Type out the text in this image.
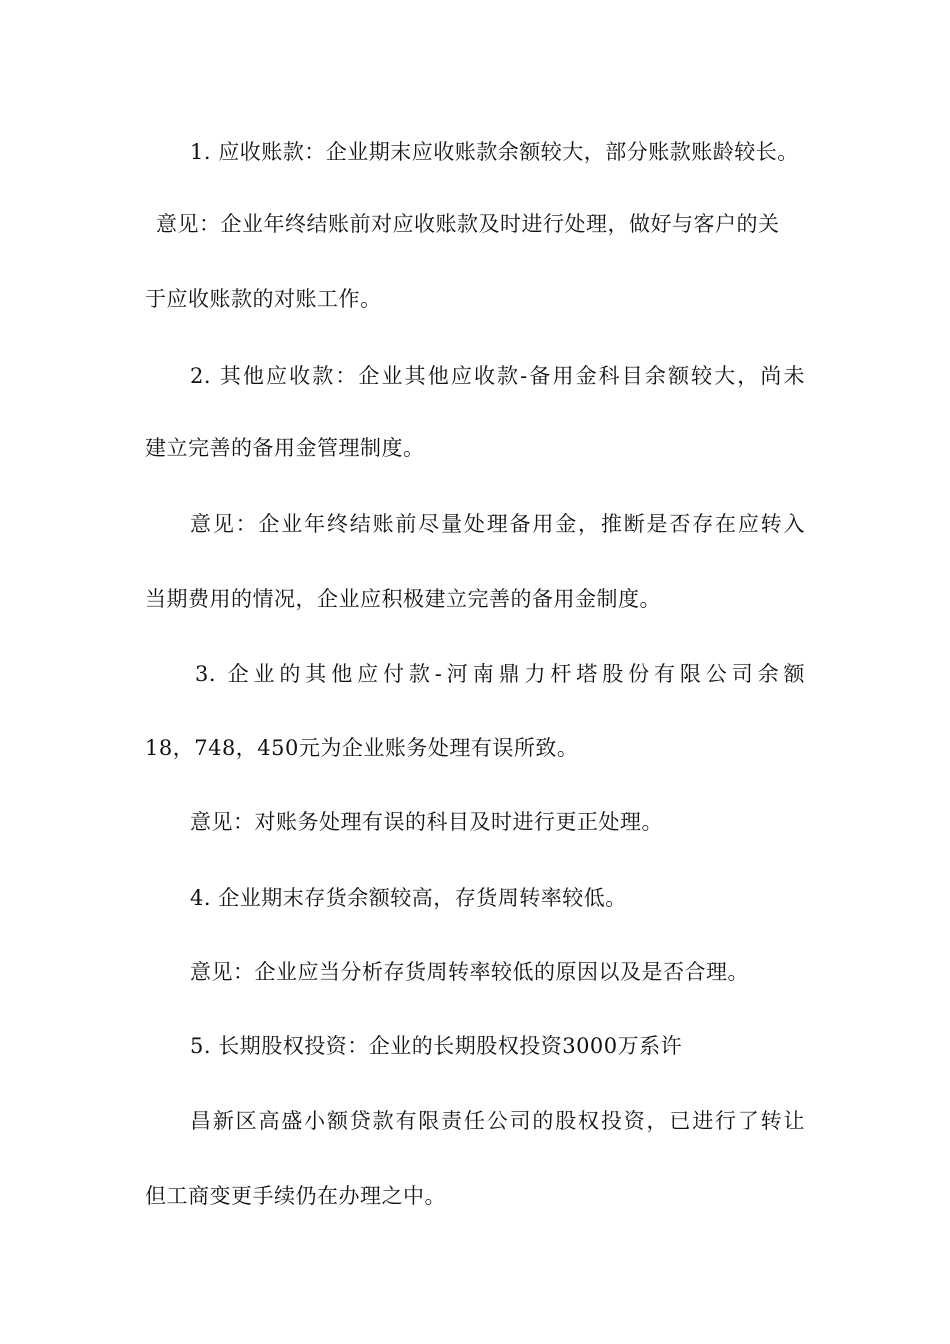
1. 应收账款：企业期末应收账款余额较大，部分账款账龄较长。
意见：企业年终结账前对应收账款及时进行处理，做好与客户的关
于应收账款的对账工作。
2. 其他应收款：企业其他应收款-备用金科目余额较大，尚未
建立完善的备用金管理制度。
意见：企业年终结账前尽量处理备用金，推断是否存在应转入
当期费用的情况，企业应积极建立完善的备用金制度。
3. 企业的其他应付款-河南鼎力杆塔股份有限公司余额
18，748，450元为企业账务处理有误所致。
意见：对账务处理有误的科目及时进行更正处理。
4. 企业期末存货余额较高，存货周转率较低。
意见：企业应当分析存货周转率较低的原因以及是否合理。
5. 长期股权投资：企业的长期股权投资3000万系许
昌新区高盛小额贷款有限责任公司的股权投资，已进行了转让
但工商变更手续仍在办理之中。
